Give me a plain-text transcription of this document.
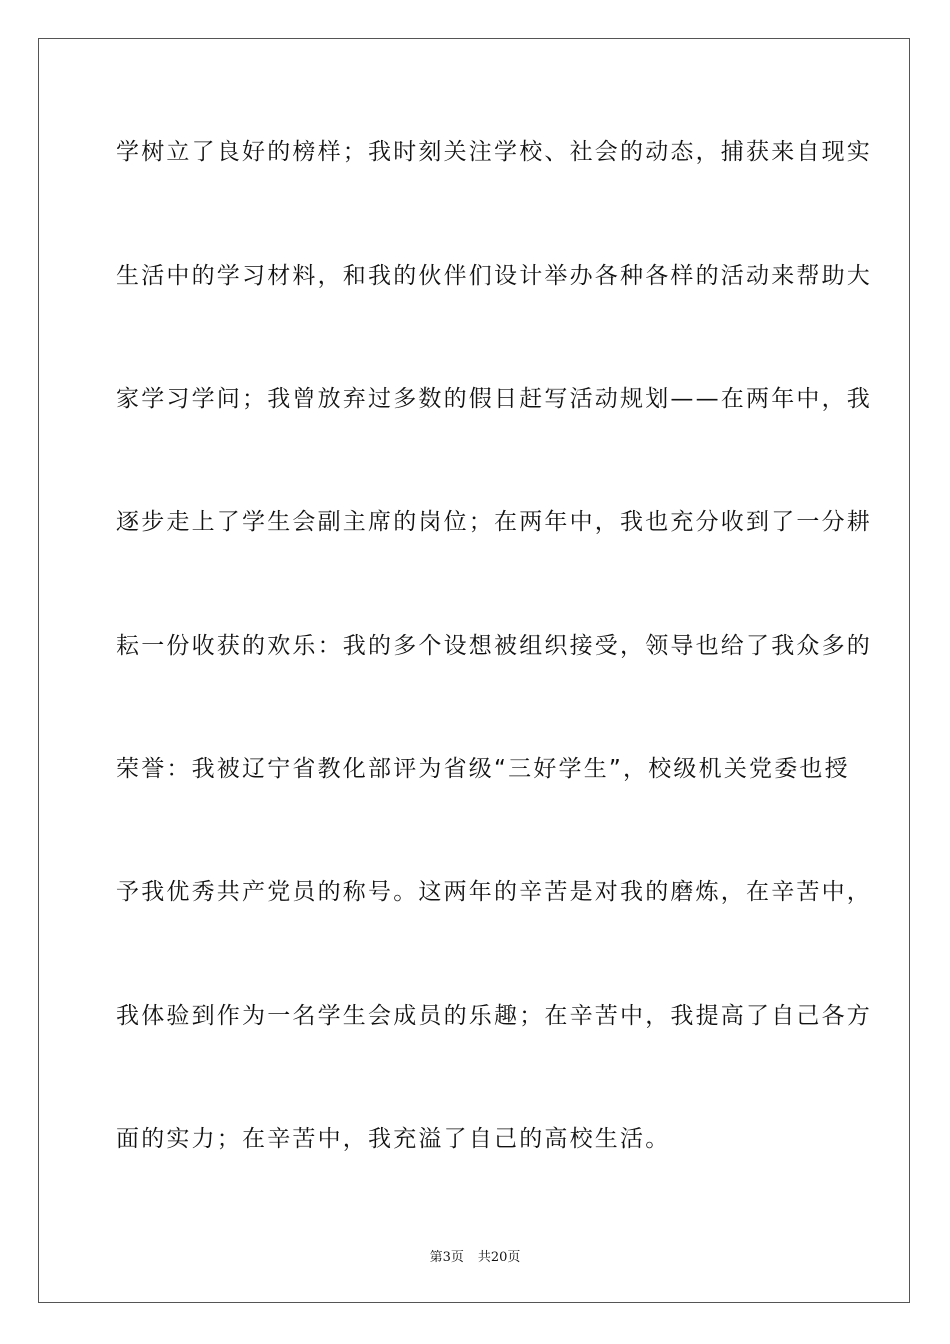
学树立了良好的榜样；我时刻关注学校、社会的动态，捕获来自现实
生活中的学习材料，和我的伙伴们设计举办各种各样的活动来帮助大
家学习学问；我曾放弃过多数的假日赶写活动规划——在两年中，我
逐步走上了学生会副主席的岗位；在两年中，我也充分收到了一分耕
耘一份收获的欢乐：我的多个设想被组织接受，领导也给了我众多的
荣誉：我被辽宁省教化部评为省级“三好学生”，校级机关党委也授
予我优秀共产党员的称号。这两年的辛苦是对我的磨炼，在辛苦中，
我体验到作为一名学生会成员的乐趣；在辛苦中，我提高了自己各方
面的实力；在辛苦中，我充溢了自己的高校生活。
第3页 共20页
